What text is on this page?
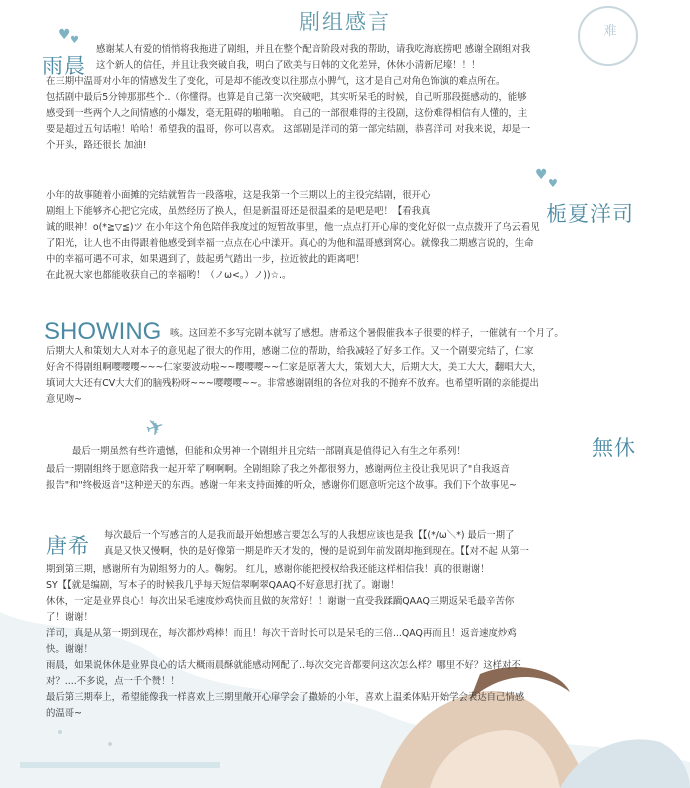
难
♥ ♥
♥
♥
✈
剧组感言
雨晨
感谢某人有爱的悄悄将我拖进了剧组，并且在整个配音阶段对我的帮助，请我吃海底捞吧 感谢全剧组对我
这个新人的信任，并且让我突破自我，明白了欧美与日韩的文化差异，休休小清新尼壕！！！
在三期中温哥对小年的情感发生了变化，可是却不能改变以往那点小脾气，这才是自己对角色饰演的难点所在。
包括剧中最后5分钟那那些个..（你懂得。也算是自己第一次突破吧，其实听呆毛的时候，自己听那段挺感动的，能够
感受到一些两个人之间情感的小爆发，毫无阻碍的啪啪啪。 自己的一部很难得的主役剧，这份难得相信有人懂的，主
要是超过五句话啦！哈哈！希望我的温哥，你可以喜欢。 这部剧是洋司的第一部完结剧，恭喜洋司 对我来说，却是一
个开头，路还很长 加油!
栀夏洋司
小年的故事随着小面摊的完结就暂告一段落啦，这是我第一个三期以上的主役完结剧，很开心
剧组上下能够齐心把它完成，虽然经历了换人，但是新温哥还是很温柔的是吧是吧！【看我真
诚的眼神！o(*≧▽≦)ツ 在小年这个角色陪伴我度过的短暂故事里，他一点点打开心扉的变化好似一点点拨开了乌云看见
了阳光，让人也不由得跟着他感受到幸福一点点在心中漾开。真心的为他和温哥感到窝心。就像我二期感言说的，生命
中的幸福可遇不可求，如果遇到了，鼓起勇气踏出一步，拉近彼此的距离吧！
在此祝大家也都能收获自己的幸福哟！（ノω<。）ノ))☆.。
SHOWING 咳。这回差不多写完剧本就写了感想。唐希这个暑假催我本子很要的样子，一催就有一个月了。
后期大人和策划大人对本子的意见起了很大的作用，感谢二位的帮助，给我减轻了好多工作。又一个剧要完结了，仁家
好舍不得剧组啊嘤嘤嘤~~~仁家要波动啦~~嘤嘤嘤~~仁家是原著大大，策划大大，后期大大，美工大大，翻唱大大，
填词大大还有CV大大们的脑残粉呀~~~嘤嘤嘤~~。非常感谢剧组的各位对我的不抛弃不放弃。也希望听剧的亲能提出
意见吻~
無休
最后一期虽然有些许遗憾，但能和众男神一个剧组并且完结一部剧真是值得记入有生之年系列！
最后一期剧组终于愿意陪我一起开荤了啊啊啊。全剧组除了我之外都很努力，感谢两位主役让我见识了"自我返音
报告"和"终极返音"这种逆天的东西。感谢一年来支持面摊的听众，感谢你们愿意听完这个故事。我们下个故事见~
唐希 每次最后一个写感言的人是我而最开始想感言要怎么写的人我想应该也是我【【(*/ω＼*) 最后一期了
真是又快又慢啊，快的是好像第一期是昨天才发的，慢的是说到年前发剧却拖到现在。【【对不起 从第一
期到第三期，感谢所有为剧组努力的人。鞠躬。 红儿，感谢你能把授权给我还能这样相信我！真的很谢谢！
SY【【就是编剧，写本子的时候我几乎每天短信翠啊翠QAAQ不好意思打扰了。谢谢！
休休，一定是业界良心！每次出呆毛速度炒鸡快而且做的灰常好！！谢谢一直受我蹂躏QAAQ三期返呆毛最辛苦你
了！谢谢！
洋司，真是从第一期到现在，每次都炒鸡棒！而且！每次干音时长可以是呆毛的三倍...QAQ再而且！返音速度炒鸡
快。谢谢！
雨晨，如果说休休是业界良心的话大概雨晨酥就能感动网配了..每次交完音都要问这次怎么样？哪里不好？这样对不
对？....不多说，点一千个赞！！
最后第三期奉上，希望能像我一样喜欢上三期里敞开心扉学会了撒娇的小年，喜欢上温柔体贴开始学会表达自己情感
的温哥~
